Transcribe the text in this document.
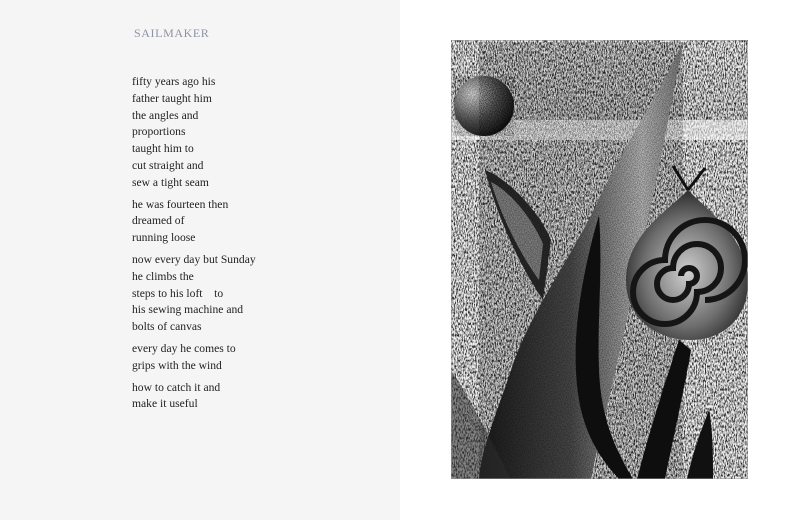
SAILMAKER
fifty years ago his
father taught him
the angles and
proportions
taught him to
cut straight and
sew a tight seam
he was fourteen then
dreamed of
running loose
now every day but Sunday
he climbs the
steps to his loft    to
his sewing machine and
bolts of canvas
every day he comes to
grips with the wind
how to catch it and
make it useful
